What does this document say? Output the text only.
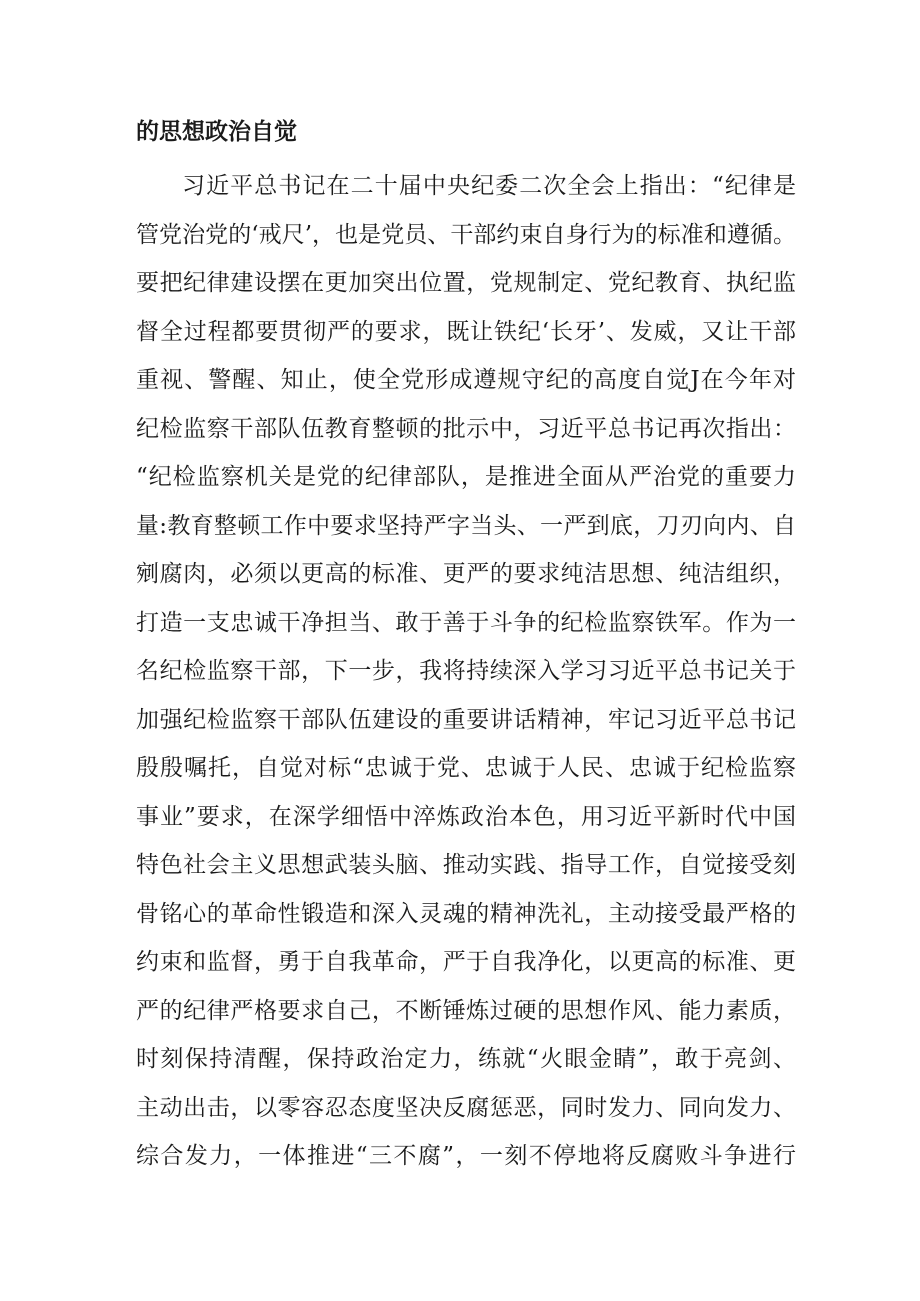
的思想政治自觉
习近平总书记在二十届中央纪委二次全会上指出：“纪律是
管党治党的‘戒尺’，也是党员、干部约束自身行为的标准和遵循。
要把纪律建设摆在更加突出位置，党规制定、党纪教育、执纪监
督全过程都要贯彻严的要求，既让铁纪‘长牙’、发威，又让干部
重视、警醒、知止，使全党形成遵规守纪的高度自觉J在今年对
纪检监察干部队伍教育整顿的批示中，习近平总书记再次指出：
“纪检监察机关是党的纪律部队，是推进全面从严治党的重要力
量:教育整顿工作中要求坚持严字当头、一严到底，刀刃向内、自
剜腐肉，必须以更高的标准、更严的要求纯洁思想、纯洁组织，
打造一支忠诚干净担当、敢于善于斗争的纪检监察铁军。作为一
名纪检监察干部，下一步，我将持续深入学习习近平总书记关于
加强纪检监察干部队伍建设的重要讲话精神，牢记习近平总书记
殷殷嘱托，自觉对标“忠诚于党、忠诚于人民、忠诚于纪检监察
事业”要求，在深学细悟中淬炼政治本色，用习近平新时代中国
特色社会主义思想武装头脑、推动实践、指导工作，自觉接受刻
骨铭心的革命性锻造和深入灵魂的精神洗礼，主动接受最严格的
约束和监督，勇于自我革命，严于自我净化，以更高的标准、更
严的纪律严格要求自己，不断锤炼过硬的思想作风、能力素质，
时刻保持清醒，保持政治定力，练就“火眼金睛”，敢于亮剑、
主动出击，以零容忍态度坚决反腐惩恶，同时发力、同向发力、
综合发力，一体推进“三不腐”，一刻不停地将反腐败斗争进行
